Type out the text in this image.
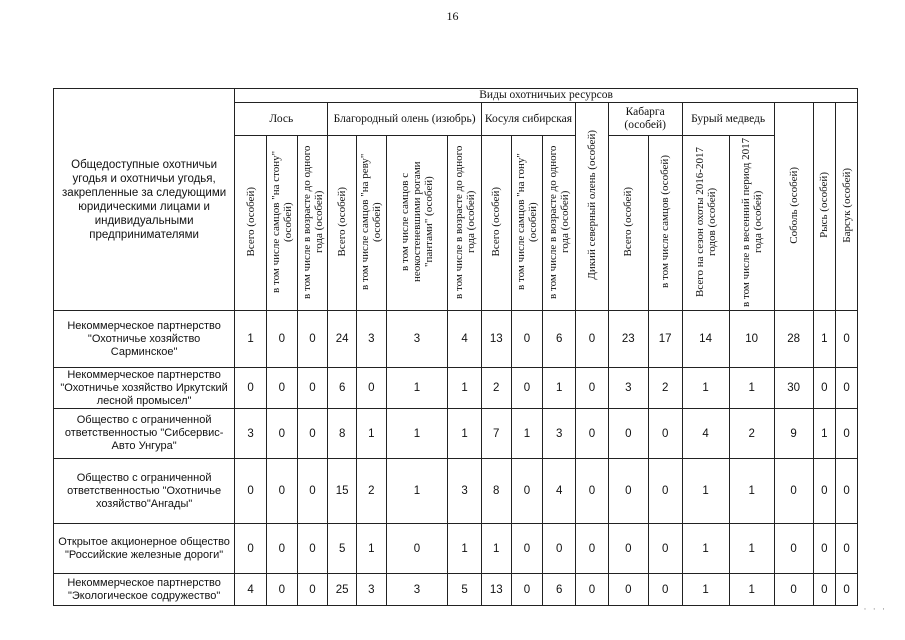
16
Общедоступные охотничьи угодья и охотничьи угодья, закрепленные за следующими юридическими лицами и индивидуальными предпринимателями	Виды охотничьих ресурсов																	
	Лось			Благородный олень (изюбрь)				Косуля сибирская			Дикий северный олень (особей)	Кабарга (особей)		Бурый медведь		Соболь (особей)	Рысь (особей)	Барсук (особей)
	Всего (особей)	в том числе самцов "на стону" (особей)	в том числе в возрасте до одного года (особей)	Всего (особей)	в том числе самцов "на реву" (особей)	в том числе самцов с неокостеневшими рогами "пантами" (особей)	в том числе в возрасте до одного года (особей)	Всего (особей)	в том числе самцов "на гону" (особей)	в том числе в возрасте до одного года (особей)		Всего (особей)	в том числе самцов (особей)	Всего на сезон охоты 2016-2017 годов (особей)	в том числе в весенний период 2017 года (особей)			
Некоммерческое партнерство "Охотничье хозяйство Сарминское"	1	0	0	24	3	3	4	13	0	6	0	23	17	14	10	28	1	0
Некоммерческое партнерство "Охотничье хозяйство Иркутский лесной промысел"	0	0	0	6	0	1	1	2	0	1	0	3	2	1	1	30	0	0
Общество с ограниченной ответственностью "Сибсервис-Авто Унгура"	3	0	0	8	1	1	1	7	1	3	0	0	0	4	2	9	1	0
Общество с ограниченной ответственностью "Охотничье хозяйство"Ангады"	0	0	0	15	2	1	3	8	0	4	0	0	0	1	1	0	0	0
Открытое акционерное общество "Российские железные дороги"	0	0	0	5	1	0	1	1	0	0	0	0	0	1	1	0	0	0
Некоммерческое партнерство "Экологическое содружество"	4	0	0	25	3	3	5	13	0	6	0	0	0	1	1	0	0	0
· · ·
